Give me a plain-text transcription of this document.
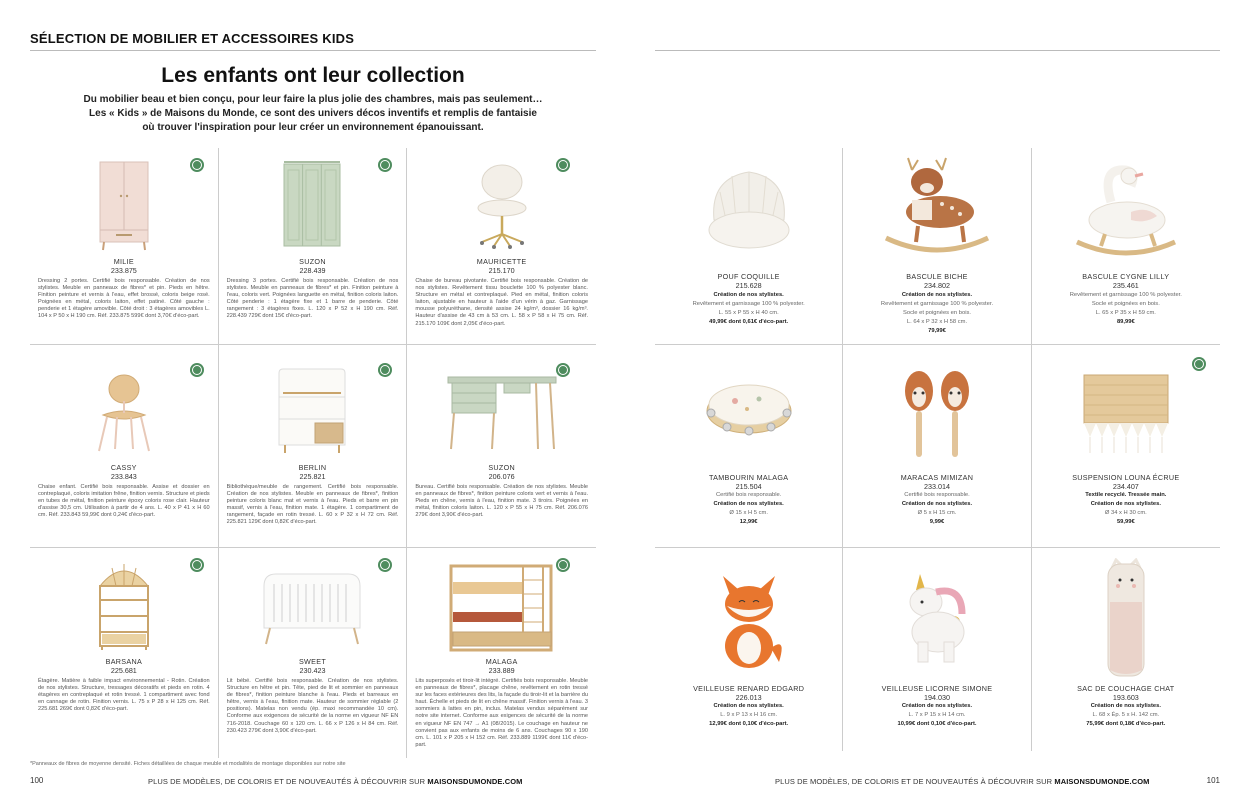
SÉLECTION DE MOBILIER ET ACCESSOIRES KIDS
Les enfants ont leur collection
Du mobilier beau et bien conçu, pour leur faire la plus jolie des chambres, mais pas seulement…
Les « Kids » de Maisons du Monde, ce sont des univers décos inventifs et remplis de fantaisie
où trouver l'inspiration pour leur créer un environnement épanouissant.
MILIE
233.875
Dressing 2 portes. Certifié bois responsable. Création de nos stylistes. Meuble en panneaux de fibres* et pin. Pieds en hêtre. Finition peinture et vernis à l'eau, effet brossé, coloris beige rosé. Poignées en métal, coloris laiton, effet patiné. Côté gauche : penderie et 1 étagère amovible. Côté droit : 3 étagères amovibles L. 104 x P 50 x H 190 cm. Réf. 233.875 599€ dont 3,70€ d'éco-part.
SUZON
228.439
Dressing 3 portes. Certifié bois responsable. Création de nos stylistes. Meuble en panneaux de fibres* et pin. Finition peinture à l'eau, coloris vert. Poignées languette en métal, finition coloris laiton. Côté penderie : 1 étagère fixe et 1 barre de penderie. Côté rangement : 3 étagères fixes. L. 120 x P 52 x H 190 cm. Réf. 228.439 729€ dont 15€ d'éco-part.
MAURICETTE
215.170
Chaise de bureau pivotante. Certifié bois responsable. Création de nos stylistes. Revêtement tissu bouclette 100 % polyester blanc. Structure en métal et contreplaqué. Pied en métal, finition coloris laiton, ajustable en hauteur à l'aide d'un vérin à gaz. Garnissage mousse polyuréthane, densité assise 24 kg/m³, dossier 16 kg/m³. Hauteur d'assise de 43 cm à 53 cm. L. 58 x P 58 x H 75 cm. Réf. 215.170 109€ dont 2,05€ d'éco-part.
CASSY
233.843
Chaise enfant. Certifié bois responsable. Assise et dossier en contreplaqué, coloris imitation frêne, finition vernis. Structure et pieds en tubes de métal, finition peinture époxy coloris rose clair. Hauteur d'assise 30,5 cm. Utilisation à partir de 4 ans. L. 40 x P 41 x H 60 cm. Réf. 233.843 59,99€ dont 0,24€ d'éco-part.
BERLIN
225.821
Bibliothèque/meuble de rangement. Certifié bois responsable. Création de nos stylistes. Meuble en panneaux de fibres*, finition peinture coloris blanc mat et vernis à l'eau. Pieds et barre en pin massif, vernis à l'eau, finition mate. 1 étagère. 1 compartiment de rangement, façade en rotin tressé. L. 60 x P 32 x H 72 cm. Réf. 225.821 129€ dont 0,82€ d'éco-part.
SUZON
206.076
Bureau. Certifié bois responsable. Création de nos stylistes. Meuble en panneaux de fibres*, finition peinture coloris vert et vernis à l'eau. Pieds en chêne, vernis à l'eau, finition mate. 3 tiroirs. Poignées en métal, finition coloris laiton. L. 120 x P 55 x H 75 cm. Réf. 206.076 279€ dont 3,90€ d'éco-part.
BARSANA
225.681
Étagère. Matière à faible impact environnemental - Rotin. Création de nos stylistes. Structure, tressages décoratifs et pieds en rotin. 4 étagères en contreplaqué et rotin tressé. 1 compartiment avec fond en cannage de rotin. Finition vernis. L. 75 x P 28 x H 125 cm. Réf. 225.681 269€ dont 0,82€ d'éco-part.
SWEET
230.423
Lit bébé. Certifié bois responsable. Création de nos stylistes. Structure en hêtre et pin. Tête, pied de lit et sommier en panneaux de fibres*, finition peinture blanche à l'eau. Pieds et barreaux en hêtre, vernis à l'eau, finition mate. Hauteur de sommier réglable (2 positions). Matelas non vendu (ép. maxi recommandée 10 cm). Conforme aux exigences de sécurité de la norme en vigueur NF EN 716-2018. Couchage 60 x 120 cm. L. 66 x P 126 x H 84 cm. Réf. 230.423 279€ dont 3,90€ d'éco-part.
MALAGA
233.889
Lits superposés et tiroir-lit intégré. Certifiés bois responsable. Meuble en panneaux de fibres*, placage chêne, revêtement en rotin tressé sur les faces extérieures des lits, la façade du tiroir-lit et la barrière du haut. Échelle et pieds de lit en chêne massif. Finition vernis à l'eau. 3 sommiers à lattes en pin, inclus. Matelas vendus séparément sur notre site internet. Conforme aux exigences de sécurité de la norme en vigueur NF EN 747 → A1 (08/2015). Le couchage en hauteur ne convient pas aux enfants de moins de 6 ans. Couchages 90 x 190 cm. L. 101 x P 205 x H 152 cm. Réf. 233.889 1199€ dont 11€ d'éco-part.
*Panneaux de fibres de moyenne densité. Fiches détaillées de chaque meuble et modalités de montage disponibles sur notre site
100	PLUS DE MODÈLES, DE COLORIS ET DE NOUVEAUTÉS À DÉCOUVRIR SUR MAISONSDUMONDE.COM
POUF COQUILLE
215.628
Création de nos stylistes.
Revêtement et garnissage 100 % polyester.
L. 55 x P 55 x H 40 cm.
49,99€ dont 0,61€ d'éco-part.
BASCULE BICHE
234.802
Création de nos stylistes.
Revêtement et garnissage 100 % polyester.
Socle et poignées en bois.
L. 64 x P 32 x H 58 cm.
79,99€
BASCULE CYGNE LILLY
235.461
Revêtement et garnissage 100 % polyester.
Socle et poignées en bois.
L. 65 x P 35 x H 59 cm.
89,99€
TAMBOURIN MALAGA
215.504
Certifié bois responsable.
Création de nos stylistes.
Ø 15 x H 5 cm.
12,99€
MARACAS MIMIZAN
233.014
Certifié bois responsable.
Création de nos stylistes.
Ø 5 x H 15 cm.
9,99€
SUSPENSION LOUNA ÉCRUE
234.407
Textile recyclé. Tressée main.
Création de nos stylistes.
Ø 34 x H 30 cm.
59,99€
VEILLEUSE RENARD EDGARD
226.013
Création de nos stylistes.
L. 9 x P 13 x H 16 cm.
12,99€ dont 0,10€ d'éco-part.
VEILLEUSE LICORNE SIMONE
194.030
Création de nos stylistes.
L. 7 x P 15 x H 14 cm.
10,99€ dont 0,10€ d'éco-part.
SAC DE COUCHAGE CHAT
193.603
Création de nos stylistes.
L. 68 x Ép. 5 x H. 142 cm.
75,99€ dont 0,18€ d'éco-part.
PLUS DE MODÈLES, DE COLORIS ET DE NOUVEAUTÉS À DÉCOUVRIR SUR MAISONSDUMONDE.COM	101
